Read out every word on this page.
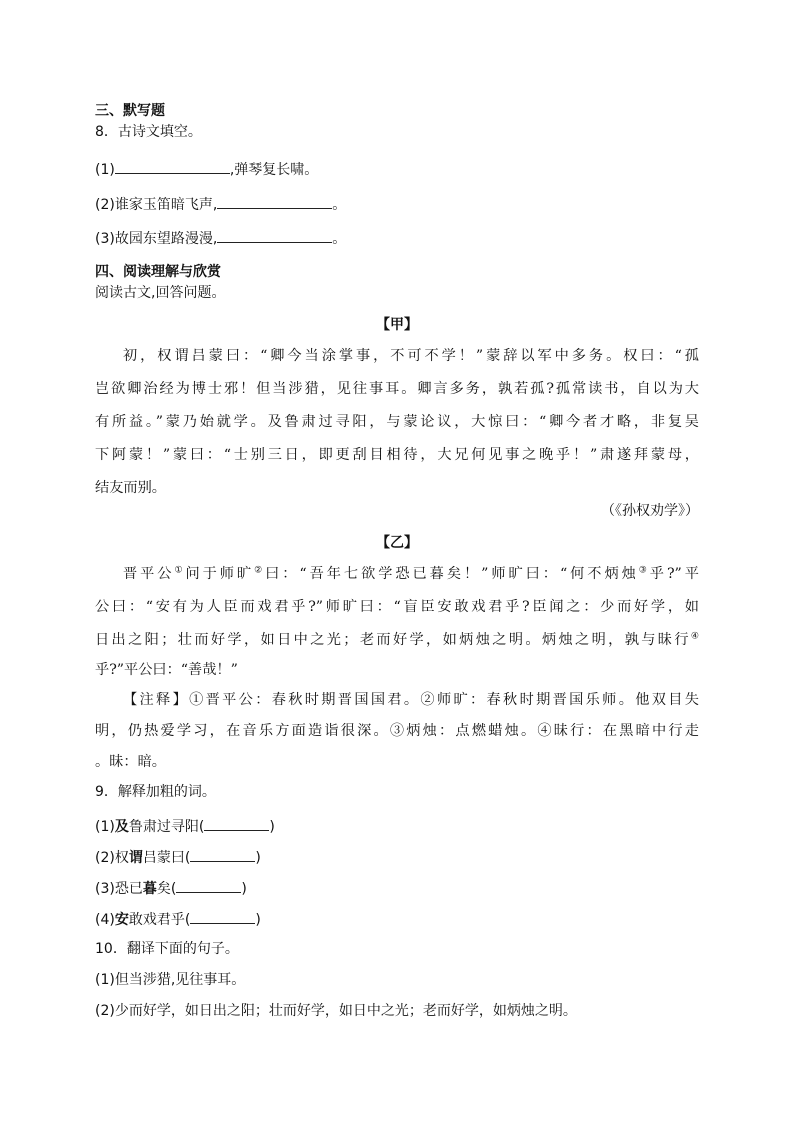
三、默写题
8．古诗文填空。
(1)	,弹琴复长啸。
(2)谁家玉笛暗飞声,	。
(3)故园东望路漫漫,	。
四、阅读理解与欣赏
阅读古文,回答问题。
【甲】
初，权谓吕蒙曰：“卿今当涂掌事，不可不学！”蒙辞以军中多务。权曰：“孤
岂欲卿治经为博士邪！但当涉猎，见往事耳。卿言多务，孰若孤?孤常读书，自以为大
有所益。”蒙乃始就学。及鲁肃过寻阳，与蒙论议，大惊曰：“卿今者才略，非复吴
下阿蒙！”蒙曰：“士别三日，即更刮目相待，大兄何见事之晚乎！”肃遂拜蒙母，
结友而别。
（《孙权劝学》）
【乙】
晋平公①问于师旷②曰：“吾年七欲学恐已暮矣！”师旷曰：“何不炳烛③乎?”平
公曰：“安有为人臣而戏君乎?”师旷曰：“盲臣安敢戏君乎?臣闻之：少而好学，如
日出之阳；壮而好学，如日中之光；老而好学，如炳烛之明。炳烛之明，孰与昧行④
乎?”平公曰：“善哉！”
【注释】①晋平公：春秋时期晋国国君。②师旷：春秋时期晋国乐师。他双目失
明，仍热爱学习，在音乐方面造诣很深。③炳烛：点燃蜡烛。④昧行：在黑暗中行走
。昧：暗。
9．解释加粗的词。
(1)及鲁肃过寻阳(	)
(2)权谓吕蒙曰(	)
(3)恐已暮矣(	)
(4)安敢戏君乎(	)
10．翻译下面的句子。
(1)但当涉猎,见往事耳。
(2)少而好学，如日出之阳；壮而好学，如日中之光；老而好学，如炳烛之明。
